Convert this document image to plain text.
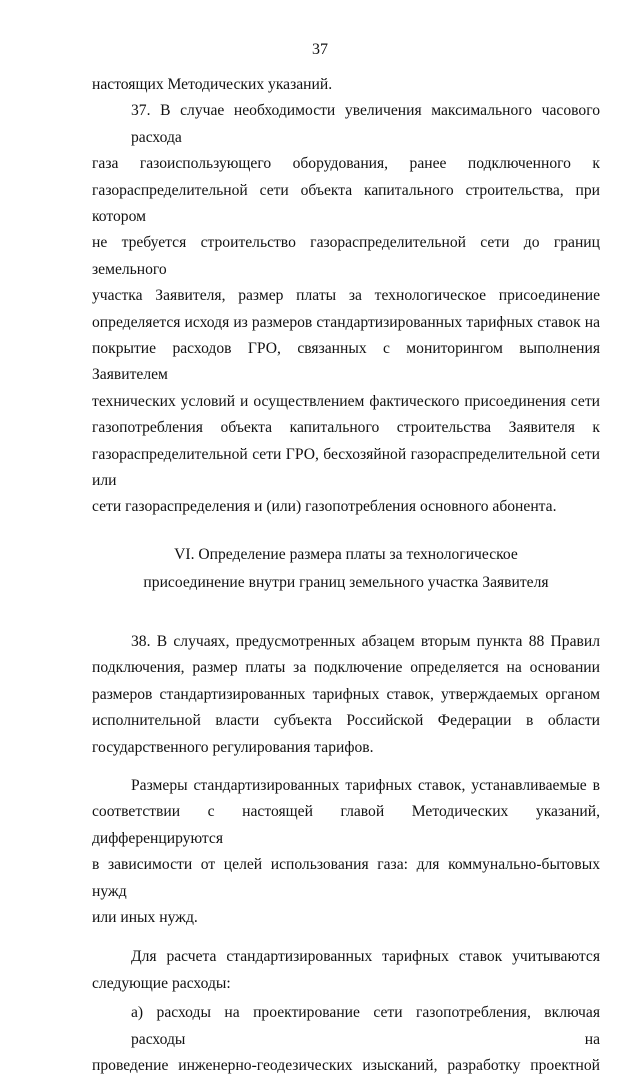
37

настоящих Методических указаний.

37. В случае необходимости увеличения максимального часового расхода
газа газоиспользующего оборудования, ранее подключенного к
газораспределительной сети объекта капитального строительства, при котором
не требуется строительство газораспределительной сети до границ земельного
участка Заявителя, размер платы за технологическое присоединение
определяется исходя из размеров стандартизированных тарифных ставок на
покрытие расходов ГРО, связанных с мониторингом выполнения Заявителем
технических условий и осуществлением фактического присоединения сети
газопотребления объекта капитального строительства Заявителя к
газораспределительной сети ГРО, бесхозяйной газораспределительной сети или
сети газораспределения и (или) газопотребления основного абонента.

VI. Определение размера платы за технологическое
присоединение внутри границ земельного участка Заявителя

38. В случаях, предусмотренных абзацем вторым пункта 88 Правил
подключения, размер платы за подключение определяется на основании
размеров стандартизированных тарифных ставок, утверждаемых органом
исполнительной власти субъекта Российской Федерации в области
государственного регулирования тарифов.

Размеры стандартизированных тарифных ставок, устанавливаемые в
соответствии с настоящей главой Методических указаний, дифференцируются
в зависимости от целей использования газа: для коммунально-бытовых нужд
или иных нужд.

Для расчета стандартизированных тарифных ставок учитываются
следующие расходы:

а) расходы на проектирование сети газопотребления, включая расходы на
проведение инженерно-геодезических изысканий, разработку проектной
